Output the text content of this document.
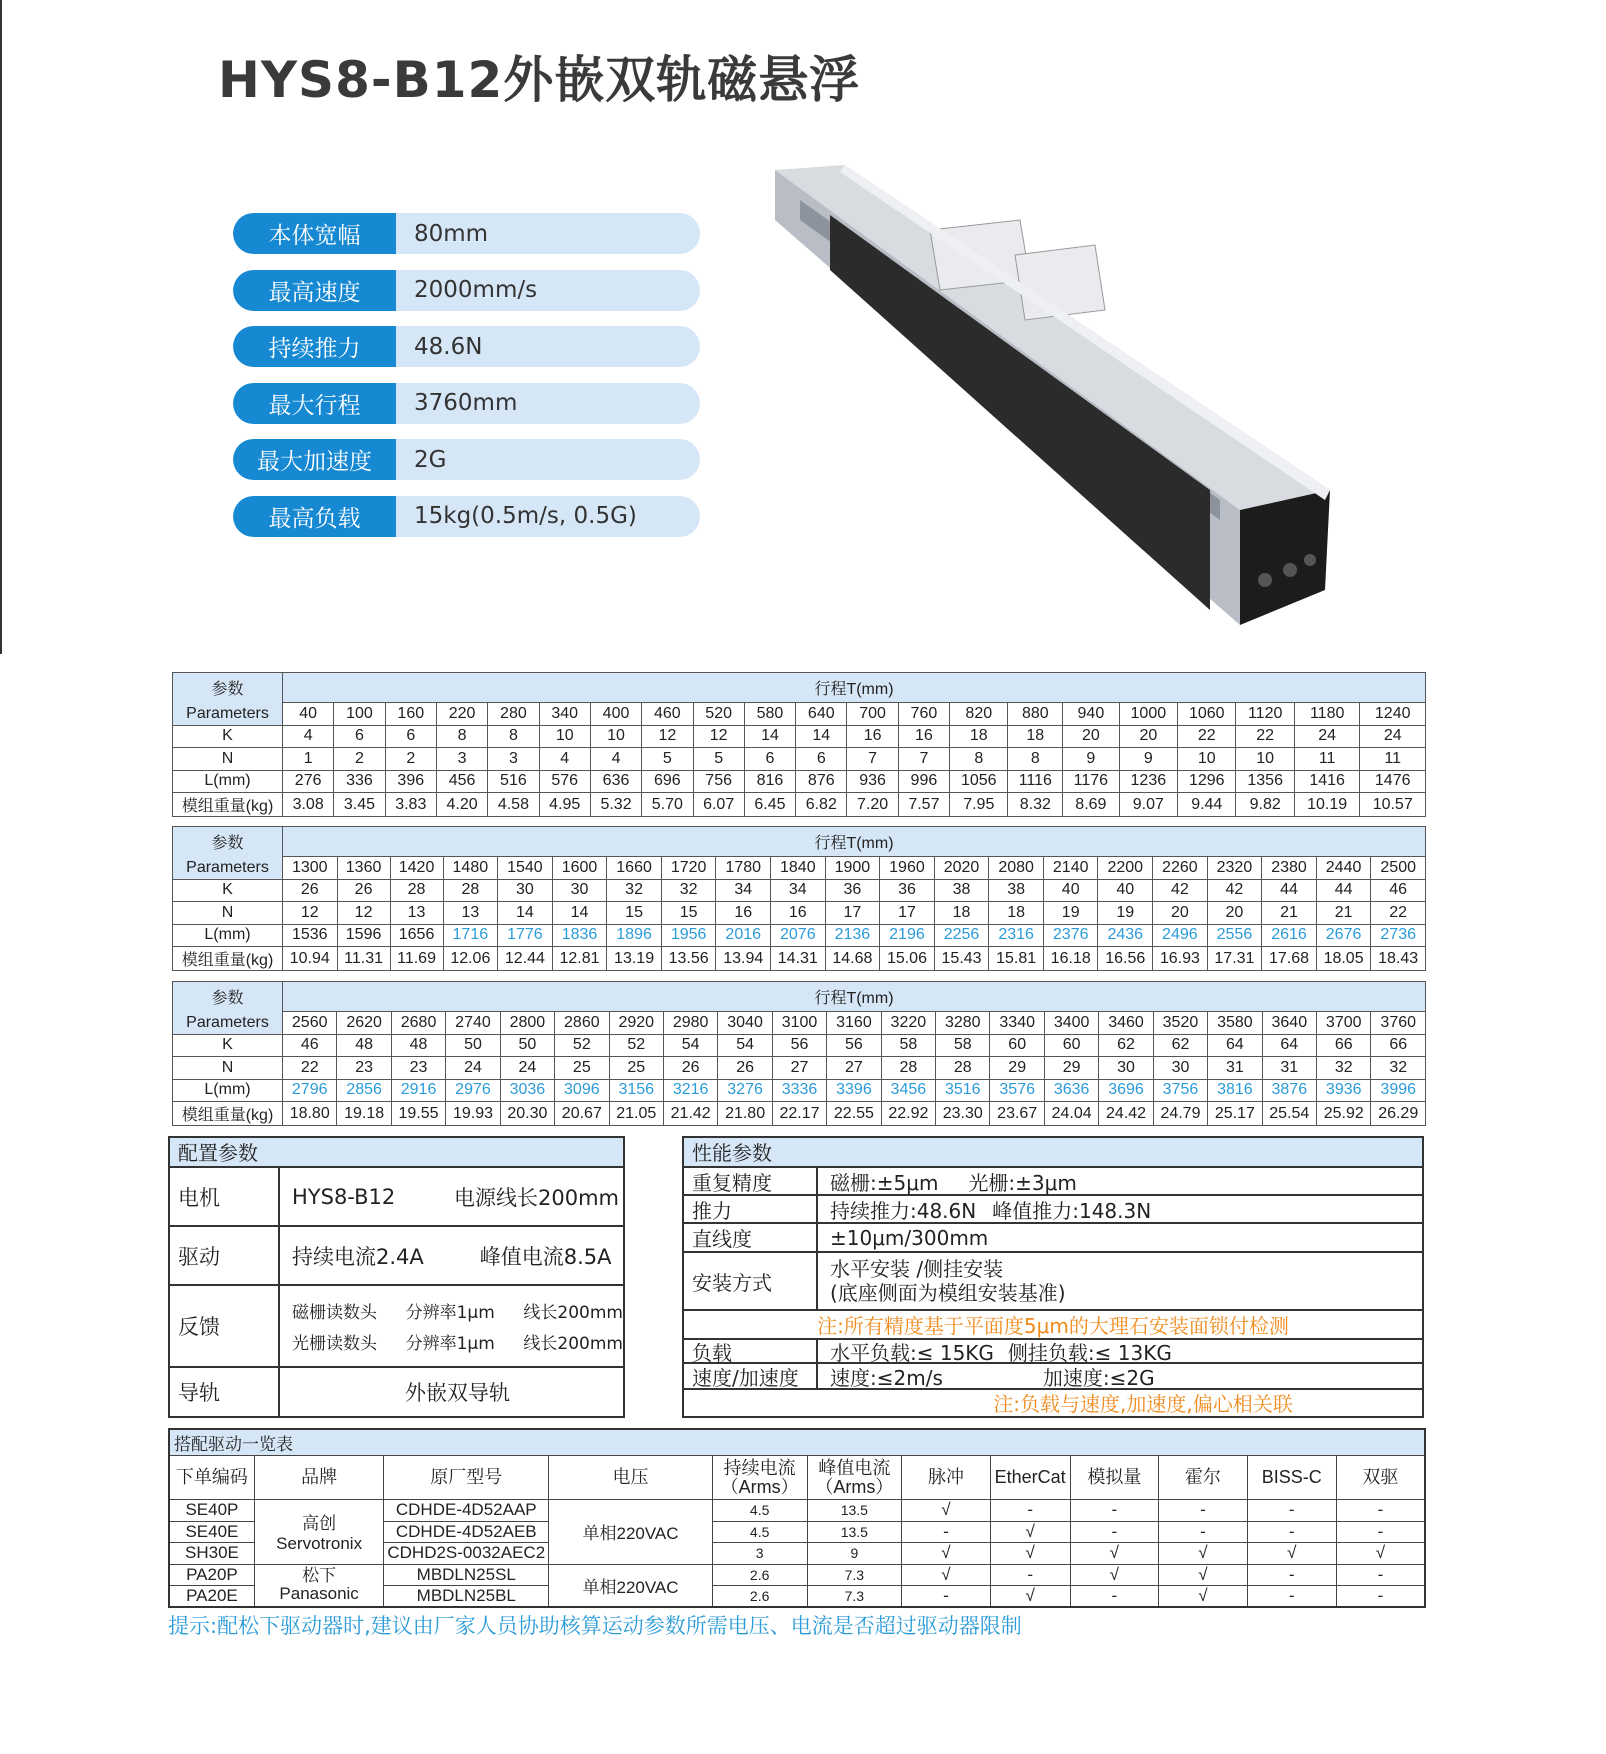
HYS8-B12外嵌双轨磁悬浮
本体宽幅	80mm
最高速度	2000mm/s
持续推力	48.6N
最大行程	3760mm
最大加速度	2G
最高负载	15kg(0.5m/s, 0.5G)
参数	行程T(mm)																				
Parameters	40	100	160	220	280	340	400	460	520	580	640	700	760	820	880	940	1000	1060	1120	1180	1240
K	4	6	6	8	8	10	10	12	12	14	14	16	16	18	18	20	20	22	22	24	24
N	1	2	2	3	3	4	4	5	5	6	6	7	7	8	8	9	9	10	10	11	11
L(mm)	276	336	396	456	516	576	636	696	756	816	876	936	996	1056	1116	1176	1236	1296	1356	1416	1476
模组重量(kg)	3.08	3.45	3.83	4.20	4.58	4.95	5.32	5.70	6.07	6.45	6.82	7.20	7.57	7.95	8.32	8.69	9.07	9.44	9.82	10.19	10.57
参数	行程T(mm)																				
Parameters	1300	1360	1420	1480	1540	1600	1660	1720	1780	1840	1900	1960	2020	2080	2140	2200	2260	2320	2380	2440	2500
K	26	26	28	28	30	30	32	32	34	34	36	36	38	38	40	40	42	42	44	44	46
N	12	12	13	13	14	14	15	15	16	16	17	17	18	18	19	19	20	20	21	21	22
L(mm)	1536	1596	1656	1716	1776	1836	1896	1956	2016	2076	2136	2196	2256	2316	2376	2436	2496	2556	2616	2676	2736
模组重量(kg)	10.94	11.31	11.69	12.06	12.44	12.81	13.19	13.56	13.94	14.31	14.68	15.06	15.43	15.81	16.18	16.56	16.93	17.31	17.68	18.05	18.43
参数	行程T(mm)																				
Parameters	2560	2620	2680	2740	2800	2860	2920	2980	3040	3100	3160	3220	3280	3340	3400	3460	3520	3580	3640	3700	3760
K	46	48	48	50	50	52	52	54	54	56	56	58	58	60	60	62	62	64	64	66	66
N	22	23	23	24	24	25	25	26	26	27	27	28	28	29	29	30	30	31	31	32	32
L(mm)	2796	2856	2916	2976	3036	3096	3156	3216	3276	3336	3396	3456	3516	3576	3636	3696	3756	3816	3876	3936	3996
模组重量(kg)	18.80	19.18	19.55	19.93	20.30	20.67	21.05	21.42	21.80	22.17	22.55	22.92	23.30	23.67	24.04	24.42	24.79	25.17	25.54	25.92	26.29
配置参数
电机	HYS8-B12	电源线长200mm
驱动	持续电流2.4A	峰值电流8.5A
反馈
磁栅读数头 分辨率1μm 线长200mm
光栅读数头 分辨率1μm 线长200mm
导轨	外嵌双导轨
性能参数
重复精度	磁栅:±5μm 光栅:±3μm
推力	持续推力:48.6N 峰值推力:148.3N
直线度	±10μm/300mm
安装方式
水平安装 /侧挂安装
(底座侧面为模组安装基准)
注:所有精度基于平面度5μm的大理石安装面锁付检测
负载	水平负载:≤ 15KG 侧挂负载:≤ 13KG
速度/加速度	速度:≤2m/s	加速度:≤2G
注:负载与速度,加速度,偏心相关联
搭配驱动一览表											
下单编码	品牌	原厂型号	电压	持续电流（Arms）	峰值电流（Arms）	脉冲	EtherCat	模拟量	霍尔	BISS-C	双驱
SE40P	高创 Servotronix	CDHDE-4D52AAP	单相220VAC	4.5	13.5	√	-	-	-	-	-
SE40E		CDHDE-4D52AEB		4.5	13.5	-	√	-	-	-	-
SH30E		CDHD2S-0032AEC2		3	9	√	√	√	√	√	√
PA20P	松下 Panasonic	MBDLN25SL	单相220VAC	2.6	7.3	√	-	√	√	-	-
PA20E		MBDLN25BL		2.6	7.3	-	√	-	√	-	-
提示:配松下驱动器时,建议由厂家人员协助核算运动参数所需电压、电流是否超过驱动器限制
